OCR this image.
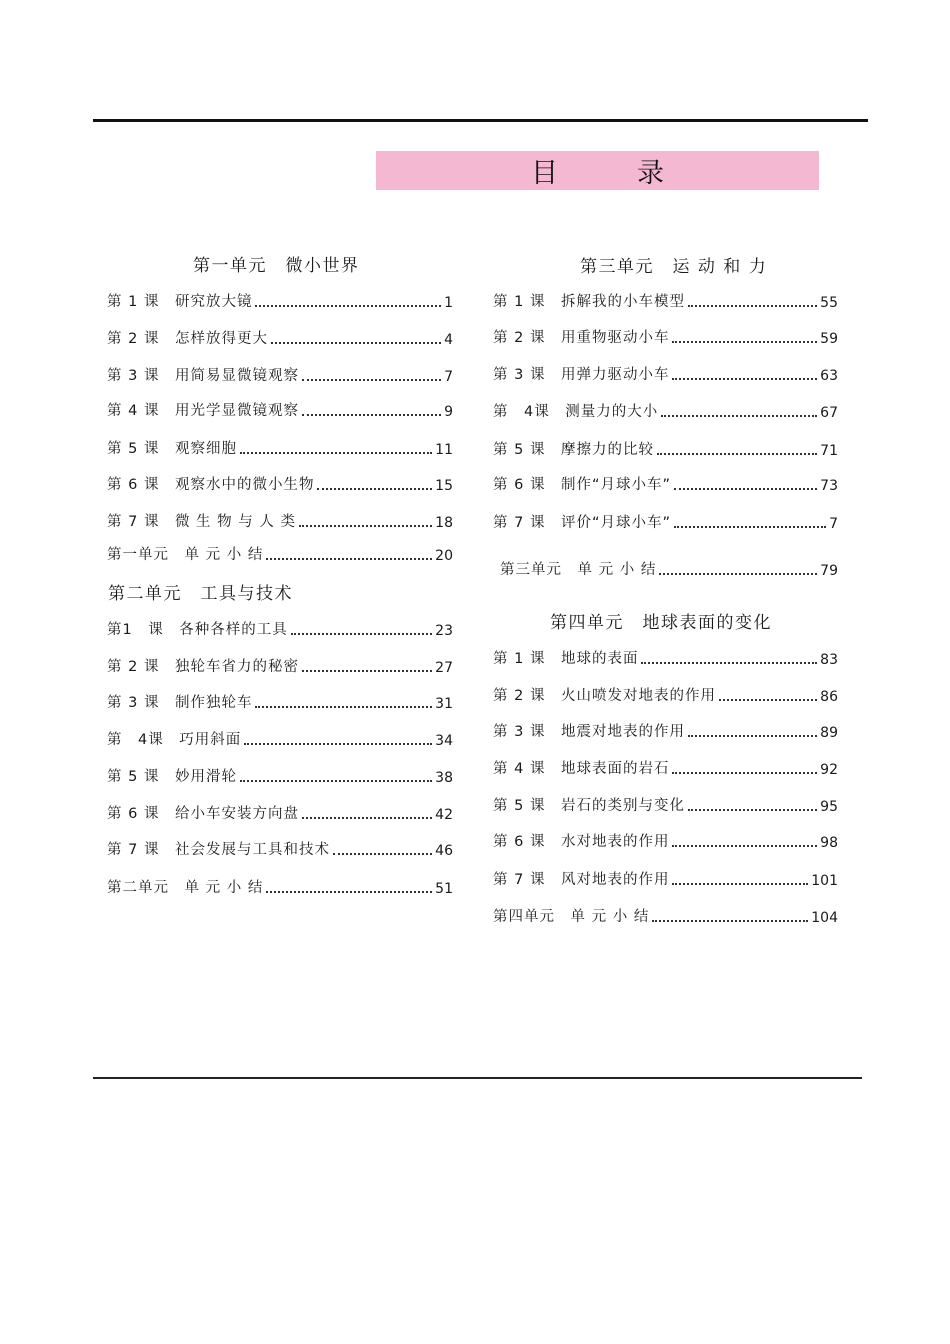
目　录
第一单元　微小世界
第 1 课　研究放大镜	1
第 2 课　怎样放得更大	4
第 3 课　用简易显微镜观察	7
第 4 课　用光学显微镜观察	9
第 5 课　观察细胞	11
第 6 课　观察水中的微小生物	15
第 7 课　微 生 物 与 人 类	18
第一单元　单 元 小 结	20
第二单元　工具与技术
第1　课　各种各样的工具	23
第 2 课　独轮车省力的秘密	27
第 3 课　制作独轮车	31
第　4课　巧用斜面	34
第 5 课　妙用滑轮	38
第 6 课　给小车安装方向盘	42
第 7 课　社会发展与工具和技术	46
第二单元　单 元 小 结	51
第三单元　运 动 和 力
第 1 课　拆解我的小车模型	55
第 2 课　用重物驱动小车	59
第 3 课　用弹力驱动小车	63
第　4课　测量力的大小	67
第 5 课　摩擦力的比较	71
第 6 课　制作“月球小车”	73
第 7 课　评价“月球小车”	7
第三单元　单 元 小 结	79
第四单元　地球表面的变化
第 1 课　地球的表面	83
第 2 课　火山喷发对地表的作用	86
第 3 课　地震对地表的作用	89
第 4 课　地球表面的岩石	92
第 5 课　岩石的类别与变化	95
第 6 课　水对地表的作用	98
第 7 课　风对地表的作用	101
第四单元　单 元 小 结	104
